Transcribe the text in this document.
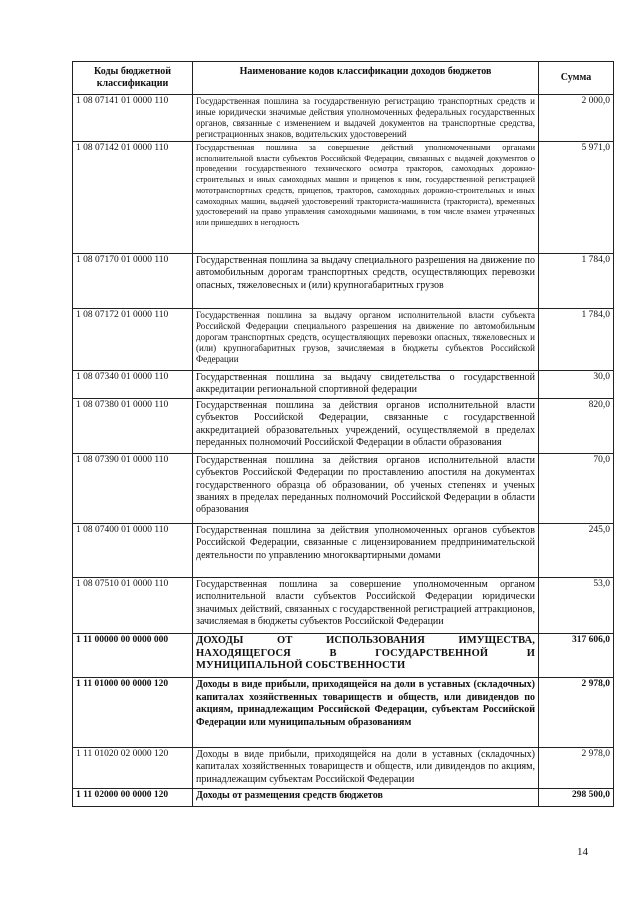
Коды бюджетной классификации	Наименование кодов классификации доходов бюджетов	Сумма
1 08 07141 01 0000 110	Государственная пошлина за государственную регистрацию транспортных средств и иные юридически значимые действия уполномоченных федеральных государственных органов, связанные с изменением и выдачей документов на транспортные средства, регистрационных знаков, водительских удостоверений	2 000,0
1 08 07142 01 0000 110	Государственная пошлина за совершение действий уполномоченными органами исполнительной власти субъектов Российской Федерации, связанных с выдачей документов о проведении государственного технического осмотра тракторов, самоходных дорожно-строительных и иных самоходных машин и прицепов к ним, государственной регистрацией мототранспортных средств, прицепов, тракторов, самоходных дорожно-строительных и иных самоходных машин, выдачей удостоверений тракториста-машиниста (тракториста), временных удостоверений на право управления самоходными машинами, в том числе взамен утраченных или пришедших в негодность	5 971,0
1 08 07170 01 0000 110	Государственная пошлина за выдачу специального разрешения на движение по автомобильным дорогам транспортных средств, осуществляющих перевозки опасных, тяжеловесных и (или) крупногабаритных грузов	1 784,0
1 08 07172 01 0000 110	Государственная пошлина за выдачу органом исполнительной власти субъекта Российской Федерации специального разрешения на движение по автомобильным дорогам транспортных средств, осуществляющих перевозки опасных, тяжеловесных и (или) крупногабаритных грузов, зачисляемая в бюджеты субъектов Российской Федерации	1 784,0
1 08 07340 01 0000 110	Государственная пошлина за выдачу свидетельства о государственной аккредитации региональной спортивной федерации	30,0
1 08 07380 01 0000 110	Государственная пошлина за действия органов исполнительной власти субъектов Российской Федерации, связанные с государственной аккредитацией образовательных учреждений, осуществляемой в пределах переданных полномочий Российской Федерации в области образования	820,0
1 08 07390 01 0000 110	Государственная пошлина за действия органов исполнительной власти субъектов Российской Федерации по проставлению апостиля на документах государственного образца об образовании, об ученых степенях и ученых званиях в пределах переданных полномочий Российской Федерации в области образования	70,0
1 08 07400 01 0000 110	Государственная пошлина за действия уполномоченных органов субъектов Российской Федерации, связанные с лицензированием предпринимательской деятельности по управлению многоквартирными домами	245,0
1 08 07510 01 0000 110	Государственная пошлина за совершение уполномоченным органом исполнительной власти субъектов Российской Федерации юридически значимых действий, связанных с государственной регистрацией аттракционов, зачисляемая в бюджеты субъектов Российской Федерации	53,0
1 11 00000 00 0000 000	ДОХОДЫ ОТ ИСПОЛЬЗОВАНИЯ ИМУЩЕСТВА, НАХОДЯЩЕГОСЯ В ГОСУДАРСТВЕННОЙ И МУНИЦИПАЛЬНОЙ СОБСТВЕННОСТИ	317 606,0
1 11 01000 00 0000 120	Доходы в виде прибыли, приходящейся на доли в уставных (складочных) капиталах хозяйственных товариществ и обществ, или дивидендов по акциям, принадлежащим Российской Федерации, субъектам Российской Федерации или муниципальным образованиям	2 978,0
1 11 01020 02 0000 120	Доходы в виде прибыли, приходящейся на доли в уставных (складочных) капиталах хозяйственных товариществ и обществ, или дивидендов по акциям, принадлежащим субъектам Российской Федерации	2 978,0
1 11 02000 00 0000 120	Доходы от размещения средств бюджетов	298 500,0
14
